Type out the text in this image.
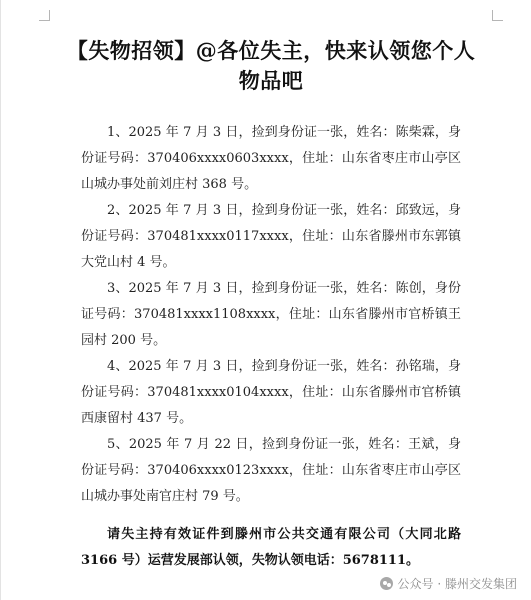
【失物招领】@各位失主，快来认领您个人物品吧

1、2025 年 7 月 3 日，捡到身份证一张，姓名：陈柴霖，身份证号码：370406xxxx0603xxxx，住址：山东省枣庄市山亭区山城办事处前刘庄村 368 号。

2、2025 年 7 月 3 日，捡到身份证一张，姓名：邱致远，身份证号码：370481xxxx0117xxxx，住址：山东省滕州市东郭镇大党山村 4 号。

3、2025 年 7 月 3 日，捡到身份证一张，姓名：陈创，身份证号码：370481xxxx1108xxxx，住址：山东省滕州市官桥镇王园村 200 号。

4、2025 年 7 月 3 日，捡到身份证一张，姓名：孙铭瑞，身份证号码：370481xxxx0104xxxx，住址：山东省滕州市官桥镇西康留村 437 号。

5、2025 年 7 月 22 日，捡到身份证一张，姓名：王斌，身份证号码：370406xxxx0123xxxx，住址：山东省枣庄市山亭区山城办事处南官庄村 79 号。

请失主持有效证件到滕州市公共交通有限公司（大同北路 3166 号）运营发展部认领，失物认领电话：5678111。
公众号 · 滕州交发集团
